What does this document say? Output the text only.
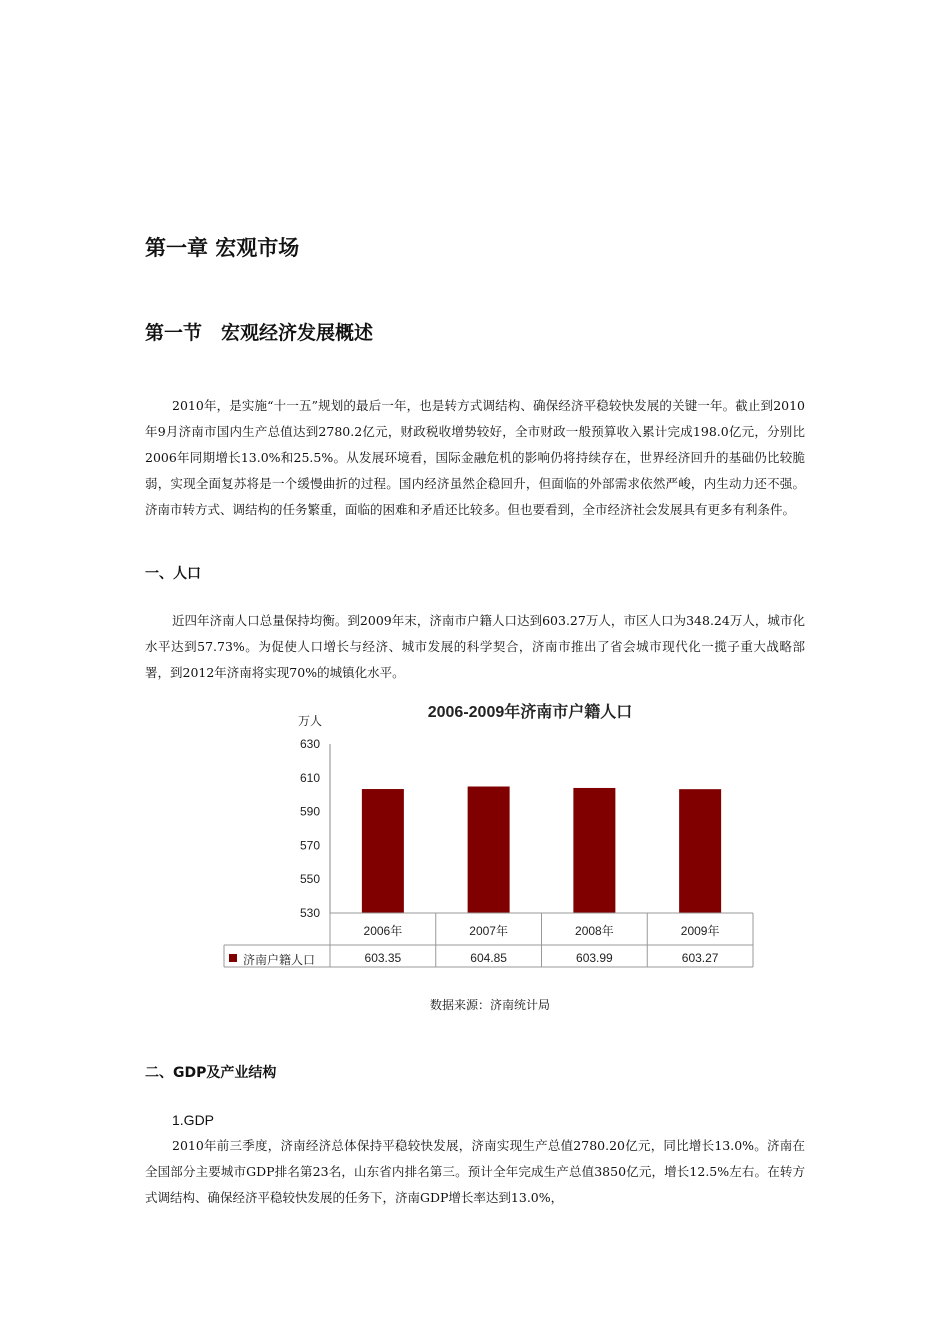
第一章 宏观市场
第一节　宏观经济发展概述

2010年，是实施“十一五”规划的最后一年，也是转方式调结构、确保经济平稳较快发展的关键一年。截止到2010年9月济南市国内生产总值达到2780.2亿元，财政税收增势较好，全市财政一般预算收入累计完成198.0亿元，分别比2006年同期增长13.0%和25.5%。从发展环境看，国际金融危机的影响仍将持续存在，世界经济回升的基础仍比较脆弱，实现全面复苏将是一个缓慢曲折的过程。国内经济虽然企稳回升，但面临的外部需求依然严峻，内生动力还不强。济南市转方式、调结构的任务繁重，面临的困难和矛盾还比较多。但也要看到，全市经济社会发展具有更多有利条件。

一、人口

近四年济南人口总量保持均衡。到2009年末，济南市户籍人口达到603.27万人，市区人口为348.24万人，城市化水平达到57.73%。为促使人口增长与经济、城市发展的科学契合，济南市推出了省会城市现代化一揽子重大战略部署，到2012年济南将实现70%的城镇化水平。

2006-2009年济南市户籍人口
万人
630
610
590
570
550
530
2006年	2007年	2008年	2009年
济南户籍人口	603.35	604.85	603.99	603.27

数据来源：济南统计局

二、GDP及产业结构

1.GDP

2010年前三季度，济南经济总体保持平稳较快发展，济南实现生产总值2780.20亿元，同比增长13.0%。济南在全国部分主要城市GDP排名第23名，山东省内排名第三。预计全年完成生产总值3850亿元，增长12.5%左右。在转方式调结构、确保经济平稳较快发展的任务下，济南GDP增长率达到13.0%，
